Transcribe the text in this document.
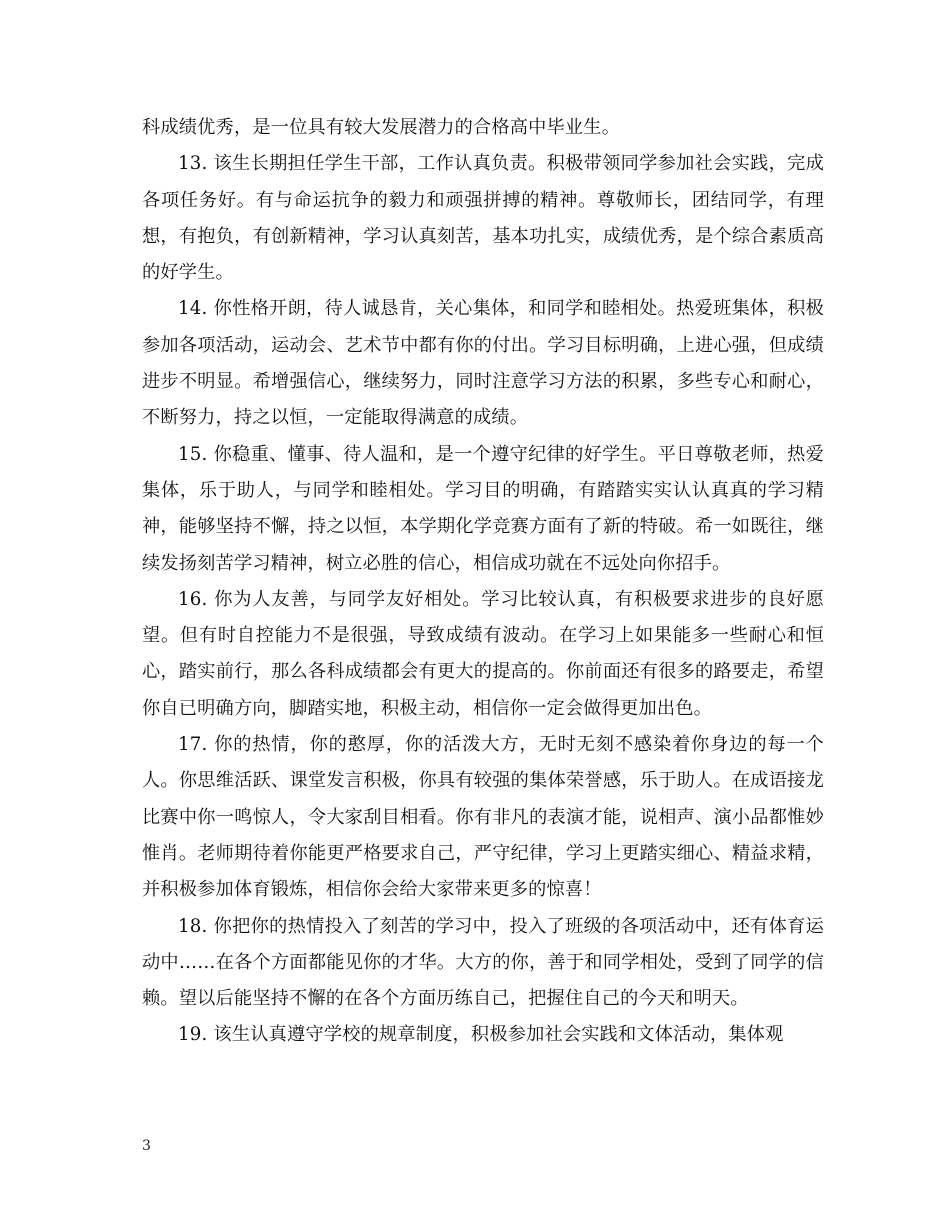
科成绩优秀，是一位具有较大发展潜力的合格高中毕业生。

13. 该生长期担任学生干部，工作认真负责。积极带领同学参加社会实践，完成各项任务好。有与命运抗争的毅力和顽强拼搏的精神。尊敬师长，团结同学，有理想，有抱负，有创新精神，学习认真刻苦，基本功扎实，成绩优秀，是个综合素质高的好学生。

14. 你性格开朗，待人诚恳肯，关心集体，和同学和睦相处。热爱班集体，积极参加各项活动，运动会、艺术节中都有你的付出。学习目标明确，上进心强，但成绩进步不明显。希增强信心，继续努力，同时注意学习方法的积累，多些专心和耐心，不断努力，持之以恒，一定能取得满意的成绩。

15. 你稳重、懂事、待人温和，是一个遵守纪律的好学生。平日尊敬老师，热爱集体，乐于助人，与同学和睦相处。学习目的明确，有踏踏实实认认真真的学习精神，能够坚持不懈，持之以恒，本学期化学竞赛方面有了新的特破。希一如既往，继续发扬刻苦学习精神，树立必胜的信心，相信成功就在不远处向你招手。

16. 你为人友善，与同学友好相处。学习比较认真，有积极要求进步的良好愿望。但有时自控能力不是很强，导致成绩有波动。在学习上如果能多一些耐心和恒心，踏实前行，那么各科成绩都会有更大的提高的。你前面还有很多的路要走，希望你自已明确方向，脚踏实地，积极主动，相信你一定会做得更加出色。

17. 你的热情，你的憨厚，你的活泼大方，无时无刻不感染着你身边的每一个人。你思维活跃、课堂发言积极，你具有较强的集体荣誉感，乐于助人。在成语接龙比赛中你一鸣惊人，令大家刮目相看。你有非凡的表演才能，说相声、演小品都惟妙惟肖。老师期待着你能更严格要求自己，严守纪律，学习上更踏实细心、精益求精，并积极参加体育锻炼，相信你会给大家带来更多的惊喜！

18. 你把你的热情投入了刻苦的学习中，投入了班级的各项活动中，还有体育运动中……在各个方面都能见你的才华。大方的你，善于和同学相处，受到了同学的信赖。望以后能坚持不懈的在各个方面历练自己，把握住自己的今天和明天。

19. 该生认真遵守学校的规章制度，积极参加社会实践和文体活动，集体观

3
